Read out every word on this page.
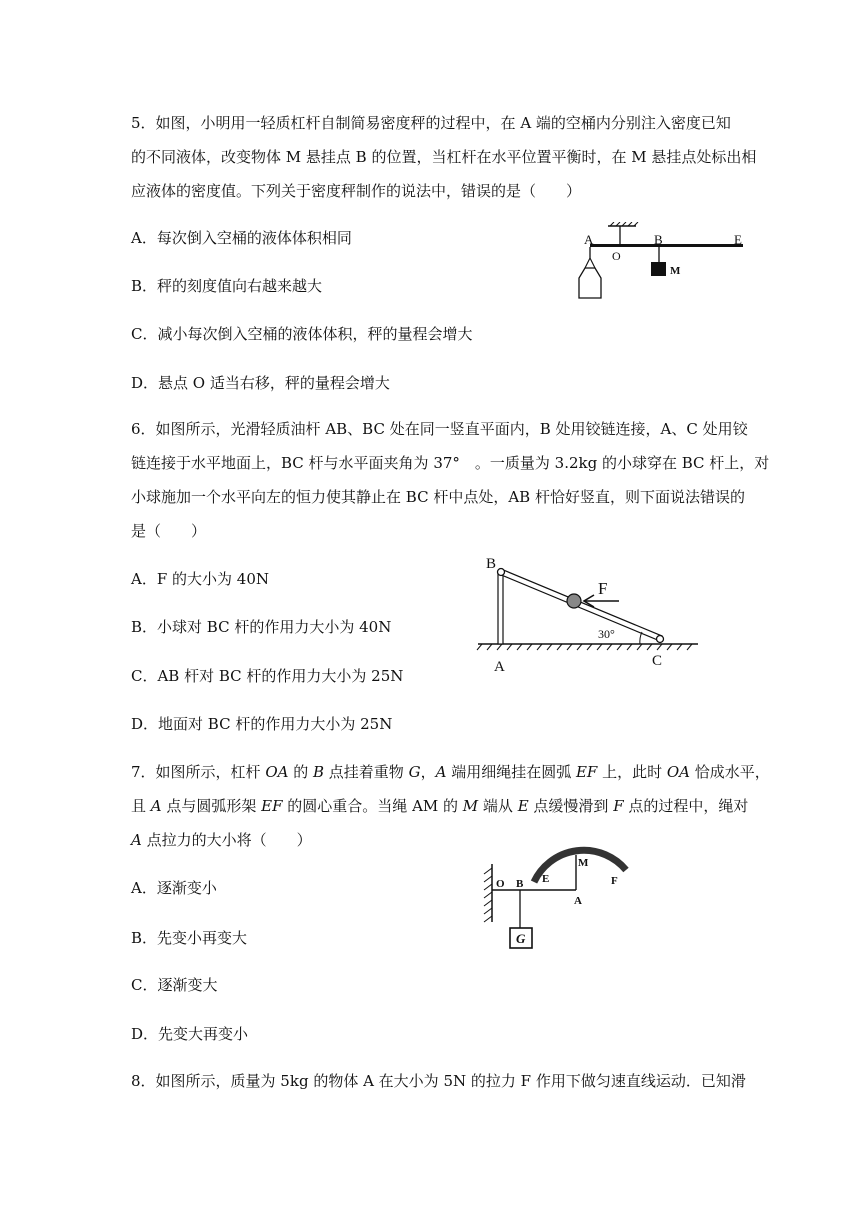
5．如图，小明用一轻质杠杆自制简易密度秤的过程中，在 A 端的空桶内分别注入密度已知
的不同液体，改变物体 M 悬挂点 B 的位置，当杠杆在水平位置平衡时，在 M 悬挂点处标出相
应液体的密度值。下列关于密度秤制作的说法中，错误的是（　　）
A．每次倒入空桶的液体体积相同
B．秤的刻度值向右越来越大
C．减小每次倒入空桶的液体体积，秤的量程会增大
D．悬点 O 适当右移，秤的量程会增大
A
O
B	E
M
6．如图所示，光滑轻质油杆 AB、BC 处在同一竖直平面内，B 处用铰链连接，A、C 处用铰
链连接于水平地面上，BC 杆与水平面夹角为 37°　。一质量为 3.2kg 的小球穿在 BC 杆上，对
小球施加一个水平向左的恒力使其静止在 BC 杆中点处，AB 杆恰好竖直，则下面说法错误的
是（　　）
A．F 的大小为 40N
B．小球对 BC 杆的作用力大小为 40N
C．AB 杆对 BC 杆的作用力大小为 25N
D．地面对 BC 杆的作用力大小为 25N
B
F
A	C
30°
7．如图所示，杠杆 OA 的 B 点挂着重物 G，A 端用细绳挂在圆弧 EF 上，此时 OA 恰成水平，
且 A 点与圆弧形架 EF 的圆心重合。当绳 AM 的 M 端从 E 点缓慢滑到 F 点的过程中，绳对
A 点拉力的大小将（　　）
A．逐渐变小
B．先变小再变大
C．逐渐变大
D．先变大再变小
G
O B E
M
F
A
8．如图所示，质量为 5kg 的物体 A 在大小为 5N 的拉力 F 作用下做匀速直线运动．已知滑
